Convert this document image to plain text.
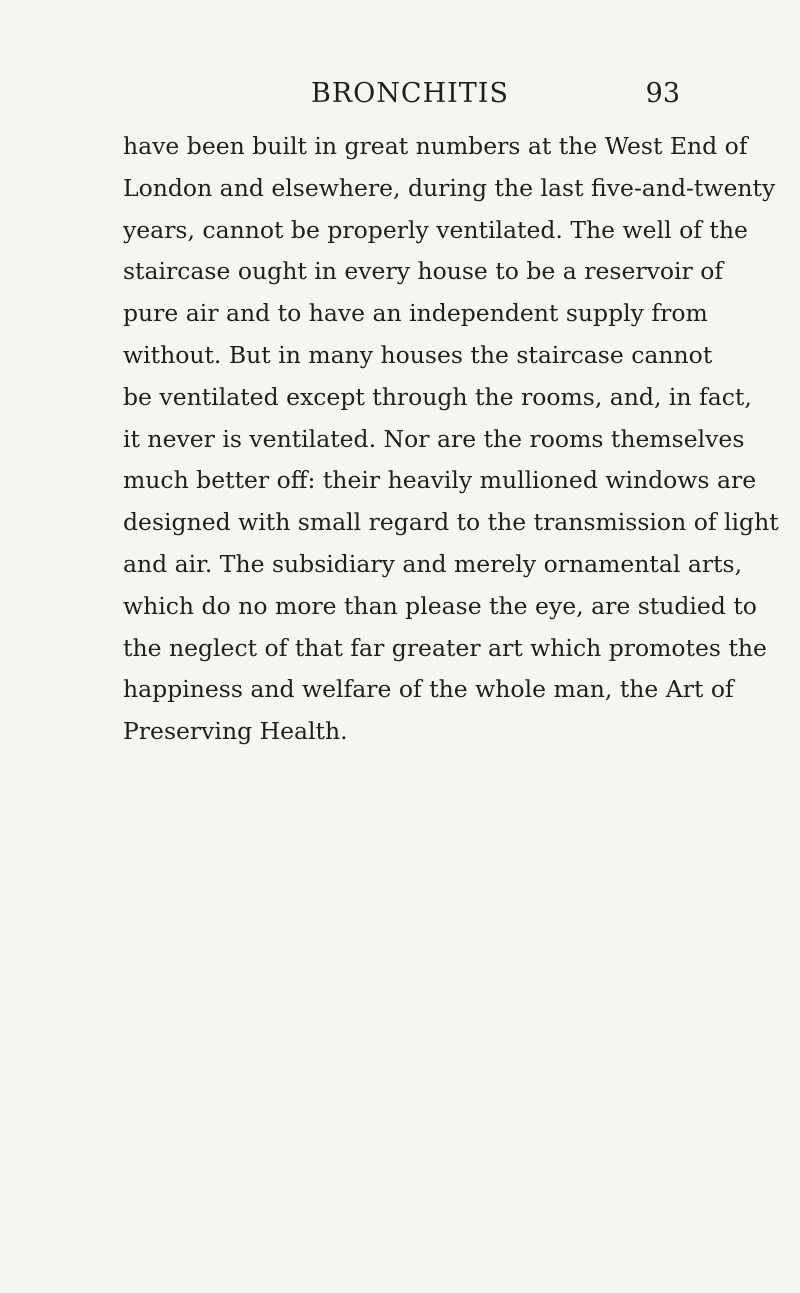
BRONCHITIS	93
have been built in great numbers at the West End of
London and elsewhere, during the last five-and-twenty
years, cannot be properly ventilated. The well of the
staircase ought in every house to be a reservoir of
pure air and to have an independent supply from
without. But in many houses the staircase cannot
be ventilated except through the rooms, and, in fact,
it never is ventilated. Nor are the rooms themselves
much better off: their heavily mullioned windows are
designed with small regard to the transmission of light
and air. The subsidiary and merely ornamental arts,
which do no more than please the eye, are studied to
the neglect of that far greater art which promotes the
happiness and welfare of the whole man, the Art of
Preserving Health.
